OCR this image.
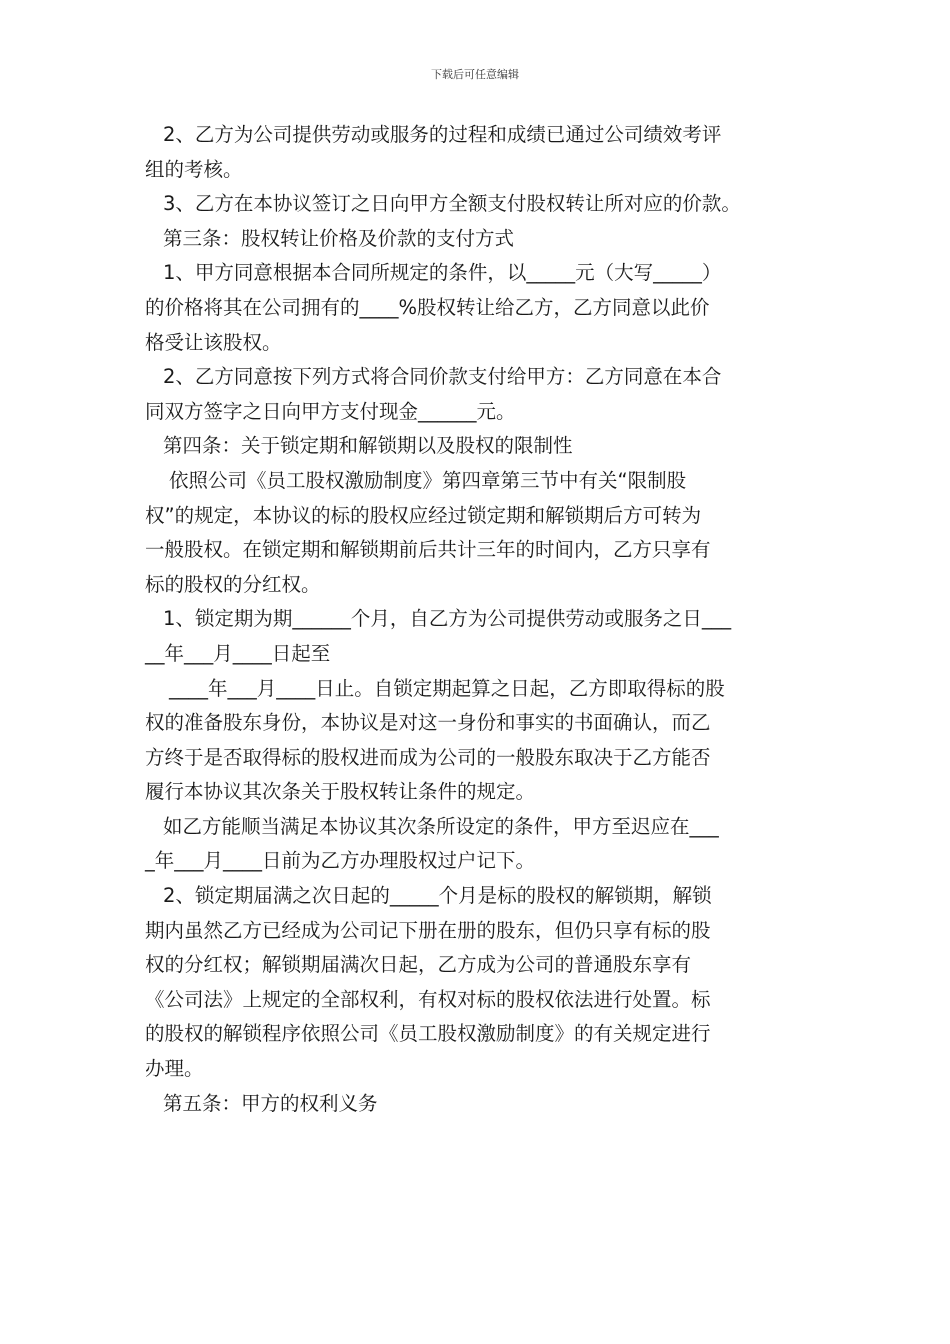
下载后可任意编辑
2、乙方为公司提供劳动或服务的过程和成绩已通过公司绩效考评
组的考核。
3、乙方在本协议签订之日向甲方全额支付股权转让所对应的价款。
第三条：股权转让价格及价款的支付方式
1、甲方同意根据本合同所规定的条件，以_____元（大写_____）
的价格将其在公司拥有的____%股权转让给乙方，乙方同意以此价
格受让该股权。
2、乙方同意按下列方式将合同价款支付给甲方：乙方同意在本合
同双方签字之日向甲方支付现金______元。
第四条：关于锁定期和解锁期以及股权的限制性
依照公司《员工股权激励制度》第四章第三节中有关“限制股
权”的规定，本协议的标的股权应经过锁定期和解锁期后方可转为
一般股权。在锁定期和解锁期前后共计三年的时间内，乙方只享有
标的股权的分红权。
1、锁定期为期______个月，自乙方为公司提供劳动或服务之日___
__年___月____日起至
____年___月____日止。自锁定期起算之日起，乙方即取得标的股
权的准备股东身份，本协议是对这一身份和事实的书面确认，而乙
方终于是否取得标的股权进而成为公司的一般股东取决于乙方能否
履行本协议其次条关于股权转让条件的规定。
如乙方能顺当满足本协议其次条所设定的条件，甲方至迟应在___
_年___月____日前为乙方办理股权过户记下。
2、锁定期届满之次日起的_____个月是标的股权的解锁期，解锁
期内虽然乙方已经成为公司记下册在册的股东，但仍只享有标的股
权的分红权；解锁期届满次日起，乙方成为公司的普通股东享有
《公司法》上规定的全部权利，有权对标的股权依法进行处置。标
的股权的解锁程序依照公司《员工股权激励制度》的有关规定进行
办理。
第五条：甲方的权利义务
